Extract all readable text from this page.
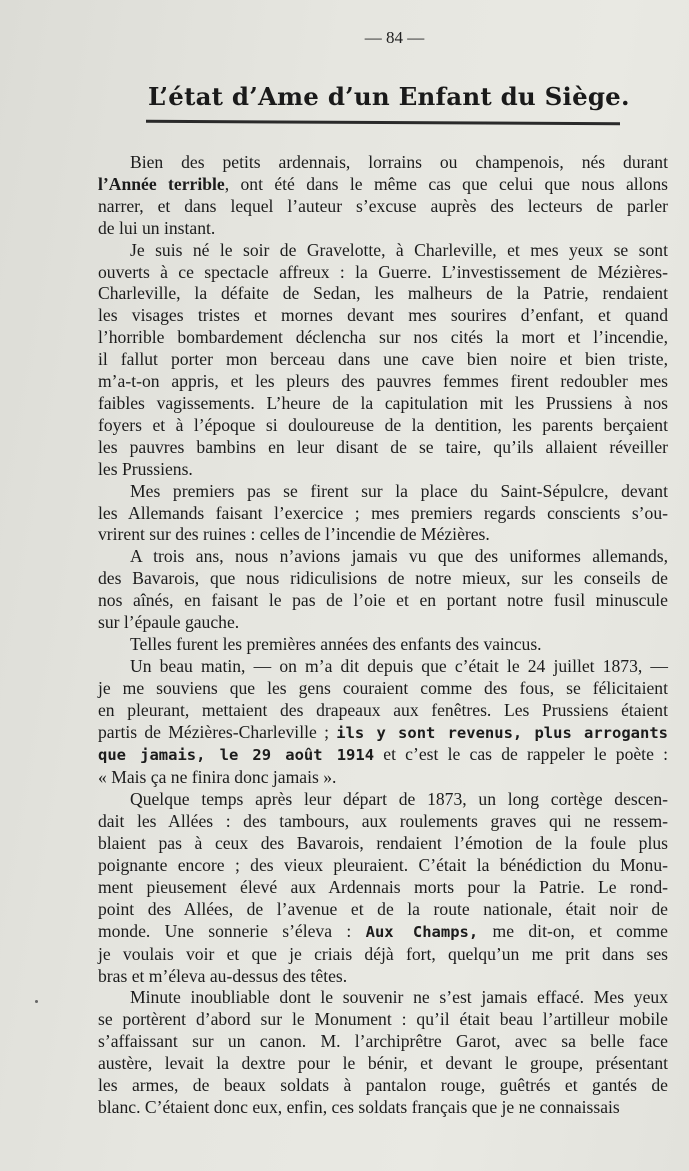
— 84 —
L’état d’Ame d’un Enfant du Siège.
Bien des petits ardennais, lorrains ou champenois, nés durant
l’Année terrible, ont été dans le même cas que celui que nous allons
narrer, et dans lequel l’auteur s’excuse auprès des lecteurs de parler
de lui un instant.
Je suis né le soir de Gravelotte, à Charleville, et mes yeux se sont
ouverts à ce spectacle affreux : la Guerre. L’investissement de Mézières-
Charleville, la défaite de Sedan, les malheurs de la Patrie, rendaient
les visages tristes et mornes devant mes sourires d’enfant, et quand
l’horrible bombardement déclencha sur nos cités la mort et l’incendie,
il fallut porter mon berceau dans une cave bien noire et bien triste,
m’a-t-on appris, et les pleurs des pauvres femmes firent redoubler mes
faibles vagissements. L’heure de la capitulation mit les Prussiens à nos
foyers et à l’époque si douloureuse de la dentition, les parents berçaient
les pauvres bambins en leur disant de se taire, qu’ils allaient réveiller
les Prussiens.
Mes premiers pas se firent sur la place du Saint-Sépulcre, devant
les Allemands faisant l’exercice ; mes premiers regards conscients s’ou-
vrirent sur des ruines : celles de l’incendie de Mézières.
A trois ans, nous n’avions jamais vu que des uniformes allemands,
des Bavarois, que nous ridiculisions de notre mieux, sur les conseils de
nos aînés, en faisant le pas de l’oie et en portant notre fusil minuscule
sur l’épaule gauche.
Telles furent les premières années des enfants des vaincus.
Un beau matin, — on m’a dit depuis que c’était le 24 juillet 1873, —
je me souviens que les gens couraient comme des fous, se félicitaient
en pleurant, mettaient des drapeaux aux fenêtres. Les Prussiens étaient
partis de Mézières-Charleville ; ils y sont revenus, plus arrogants
que jamais, le 29 août 1914 et c’est le cas de rappeler le poète :
« Mais ça ne finira donc jamais ».
Quelque temps après leur départ de 1873, un long cortège descen-
dait les Allées : des tambours, aux roulements graves qui ne ressem-
blaient pas à ceux des Bavarois, rendaient l’émotion de la foule plus
poignante encore ; des vieux pleuraient. C’était la bénédiction du Monu-
ment pieusement élevé aux Ardennais morts pour la Patrie. Le rond-
point des Allées, de l’avenue et de la route nationale, était noir de
monde. Une sonnerie s’éleva : Aux Champs, me dit-on, et comme
je voulais voir et que je criais déjà fort, quelqu’un me prit dans ses
bras et m’éleva au-dessus des têtes.
Minute inoubliable dont le souvenir ne s’est jamais effacé. Mes yeux
se portèrent d’abord sur le Monument : qu’il était beau l’artilleur mobile
s’affaissant sur un canon. M. l’archiprêtre Garot, avec sa belle face
austère, levait la dextre pour le bénir, et devant le groupe, présentant
les armes, de beaux soldats à pantalon rouge, guêtrés et gantés de
blanc. C’étaient donc eux, enfin, ces soldats français que je ne connaissais
